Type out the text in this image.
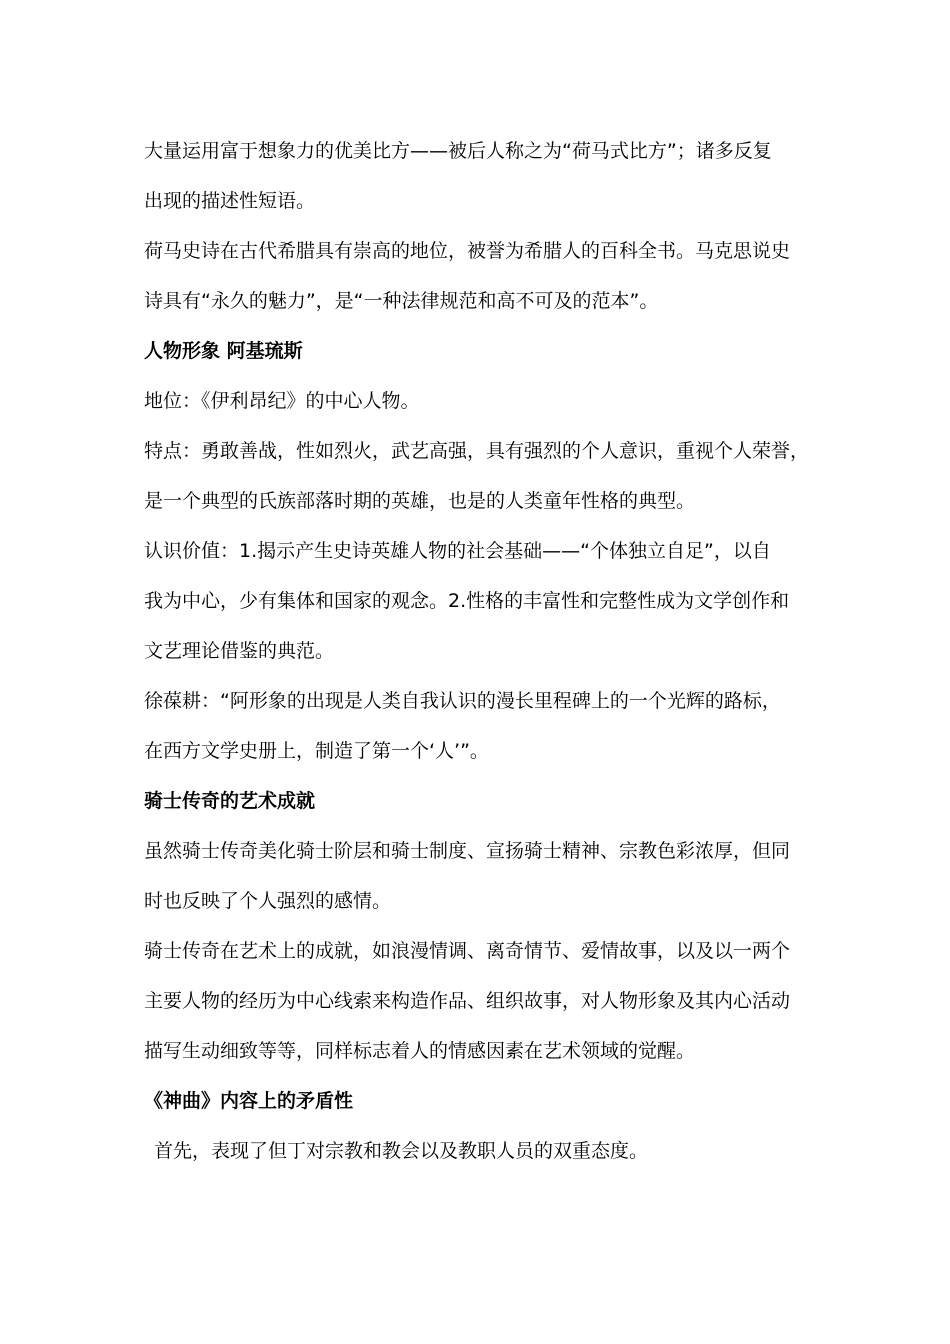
大量运用富于想象力的优美比方——被后人称之为“荷马式比方”；诸多反复
出现的描述性短语。
荷马史诗在古代希腊具有崇高的地位，被誉为希腊人的百科全书。马克思说史
诗具有“永久的魅力”，是“一种法律规范和高不可及的范本”。
人物形象 阿基琉斯
地位：《伊利昂纪》的中心人物。
特点：勇敢善战，性如烈火，武艺高强，具有强烈的个人意识，重视个人荣誉，
是一个典型的氏族部落时期的英雄，也是的人类童年性格的典型。
认识价值：1.揭示产生史诗英雄人物的社会基础——“个体独立自足”，以自
我为中心，少有集体和国家的观念。2.性格的丰富性和完整性成为文学创作和
文艺理论借鉴的典范。
徐葆耕：“阿形象的出现是人类自我认识的漫长里程碑上的一个光辉的路标，
在西方文学史册上，制造了第一个‘人’”。
骑士传奇的艺术成就
虽然骑士传奇美化骑士阶层和骑士制度、宣扬骑士精神、宗教色彩浓厚，但同
时也反映了个人强烈的感情。
骑士传奇在艺术上的成就，如浪漫情调、离奇情节、爱情故事，以及以一两个
主要人物的经历为中心线索来构造作品、组织故事，对人物形象及其内心活动
描写生动细致等等，同样标志着人的情感因素在艺术领域的觉醒。
《神曲》内容上的矛盾性
首先，表现了但丁对宗教和教会以及教职人员的双重态度。
